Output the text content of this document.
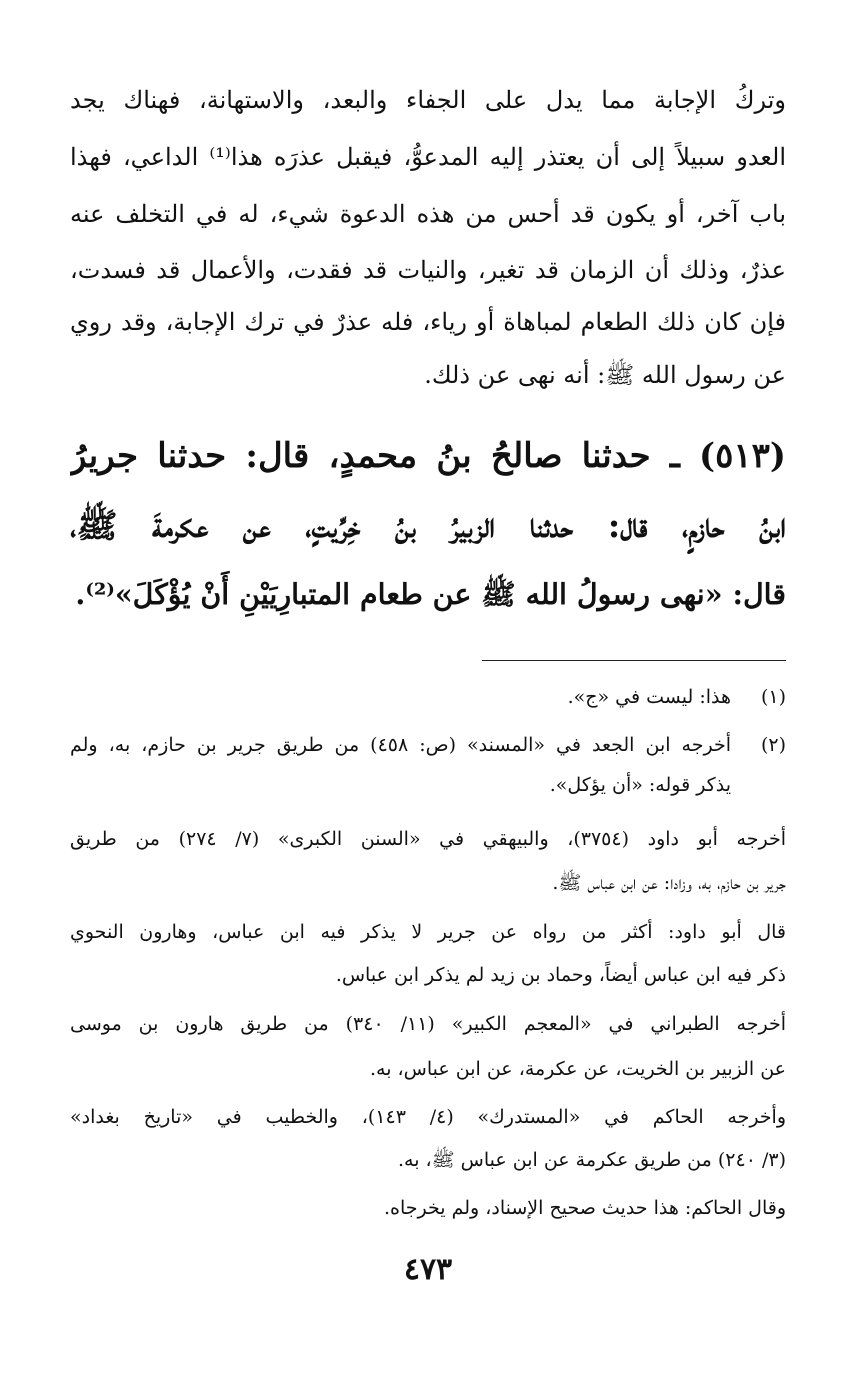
وتركُ الإجابة مما يدل على الجفاء والبعد، والاستهانة، فهناك يجد
العدو سبيلاً إلى أن يعتذر إليه المدعوُّ، فيقبل عذرَه هذا⁽¹⁾ الداعي، فهذا
باب آخر، أو يكون قد أحس من هذه الدعوة شيء، له في التخلف عنه
عذرٌ، وذلك أن الزمان قد تغير، والنيات قد فقدت، والأعمال قد فسدت،
فإن كان ذلك الطعام لمباهاة أو رياء، فله عذرٌ في ترك الإجابة، وقد روي
عن رسول الله ﷺ: أنه نهى عن ذلك.
(٥١٣) ـ حدثنا صالحُ بنُ محمدٍ، قال: حدثنا جريرُ
ابنُ حازمٍ، قال: حدثنا الزبيرُ بنُ خِرِّيتٍ، عن عكرمةَ ﷺ،
قال: «نهى رسولُ الله ﷺ عن طعام المتبارِيَيْنِ أَنْ يُؤْكَلَ»⁽²⁾.
(١)
هذا: ليست في «ج».
(٢)
أخرجه ابن الجعد في «المسند» (ص: ٤٥٨) من طريق جرير بن حازم، به، ولم
يذكر قوله: «أن يؤكل».
أخرجه أبو داود (٣٧٥٤)، والبيهقي في «السنن الكبرى» (٧/ ٢٧٤) من طريق
جرير بن حازم، به، وزادا: عن ابن عباس ﷺ.
قال أبو داود: أكثر من رواه عن جرير لا يذكر فيه ابن عباس، وهارون النحوي
ذكر فيه ابن عباس أيضاً، وحماد بن زيد لم يذكر ابن عباس.
أخرجه الطبراني في «المعجم الكبير» (١١/ ٣٤٠) من طريق هارون بن موسى
عن الزبير بن الخريت، عن عكرمة، عن ابن عباس، به.
وأخرجه الحاكم في «المستدرك» (٤/ ١٤٣)، والخطيب في «تاريخ بغداد»
(٣/ ٢٤٠) من طريق عكرمة عن ابن عباس ﷺ، به.
وقال الحاكم: هذا حديث صحيح الإسناد، ولم يخرجاه.
٤٧٣
